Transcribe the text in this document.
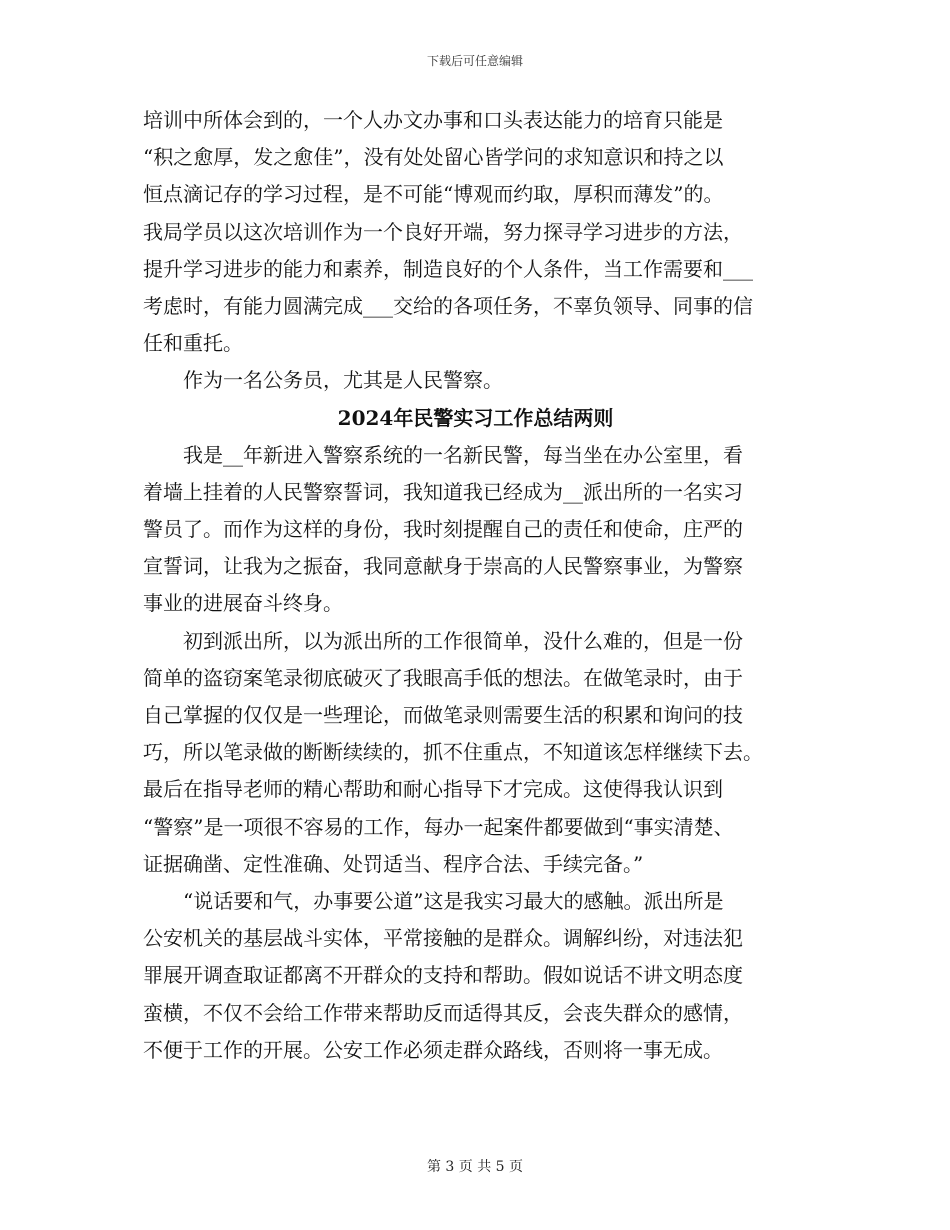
下载后可任意编辑
培训中所体会到的，一个人办文办事和口头表达能力的培育只能是
“积之愈厚，发之愈佳”，没有处处留心皆学问的求知意识和持之以
恒点滴记存的学习过程，是不可能“博观而约取，厚积而薄发”的。
我局学员以这次培训作为一个良好开端，努力探寻学习进步的方法，
提升学习进步的能力和素养，制造良好的个人条件，当工作需要和___
考虑时，有能力圆满完成___交给的各项任务，不辜负领导、同事的信
任和重托。
　　作为一名公务员，尤其是人民警察。
2024年民警实习工作总结两则
　　我是__年新进入警察系统的一名新民警，每当坐在办公室里，看
着墙上挂着的人民警察誓词，我知道我已经成为__派出所的一名实习
警员了。而作为这样的身份，我时刻提醒自己的责任和使命，庄严的
宣誓词，让我为之振奋，我同意献身于崇高的人民警察事业，为警察
事业的进展奋斗终身。
　　初到派出所，以为派出所的工作很简单，没什么难的，但是一份
简单的盗窃案笔录彻底破灭了我眼高手低的想法。在做笔录时，由于
自己掌握的仅仅是一些理论，而做笔录则需要生活的积累和询问的技
巧，所以笔录做的断断续续的，抓不住重点，不知道该怎样继续下去。
最后在指导老师的精心帮助和耐心指导下才完成。这使得我认识到
“警察”是一项很不容易的工作，每办一起案件都要做到“事实清楚、
证据确凿、定性准确、处罚适当、程序合法、手续完备。”
　　“说话要和气，办事要公道”这是我实习最大的感触。派出所是
公安机关的基层战斗实体，平常接触的是群众。调解纠纷，对违法犯
罪展开调查取证都离不开群众的支持和帮助。假如说话不讲文明态度
蛮横，不仅不会给工作带来帮助反而适得其反，会丧失群众的感情，
不便于工作的开展。公安工作必须走群众路线，否则将一事无成。
第 3 页 共 5 页
